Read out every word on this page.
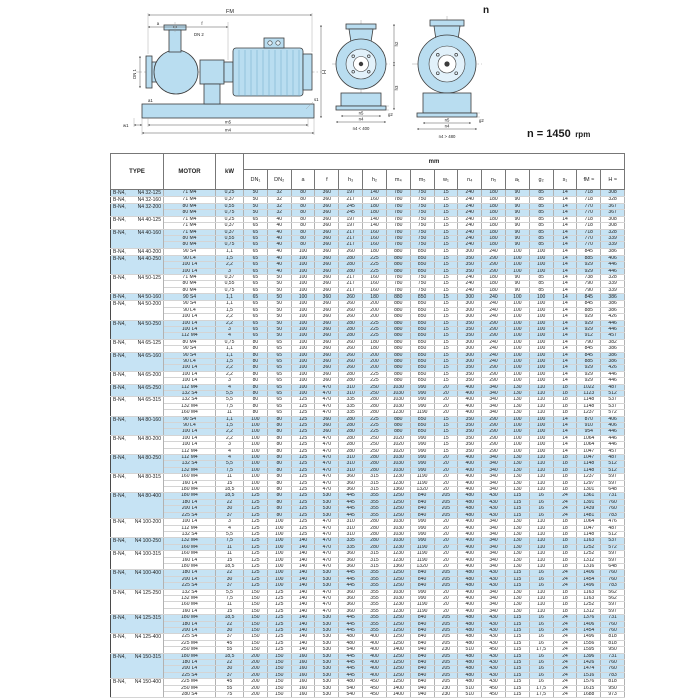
FM
a	f
DN 2
DN 1	H
a1	s1
w1
m5
m4
h2
h3
g2
n5
n4
n4 < 400
g2
n5
n4
n4 > 480
n
n = 1450 rpm
TYPE	MOTOR	kW	mm															
			DN₁	DN₂	a	f	h₃	h₂	m₄	m₅	w₁	n₄	n₅	a₁	g₂	s₁	fM ≈	H ≈

B-N4, N4 32-125	71 M4	0,25	50	32	80	360	197	140	780	750	15	240	180	90	85	14	718	308

B-N4, N4 32-160	71 M4	0,37	50	32	80	360	217	160	780	750	15	240	180	90	85	14	718	328

B-N4, N4 32-200	80 M4	0,55	50	32	80	360	245	180	780	750	15	240	180	90	85	14	770	367
	80 M4	0,75	50	32	80	360	245	180	780	750	15	240	180	90	85	14	770	367

B-N4, N4 40-125	71 M4	0,25	65	40	80	360	197	140	780	750	15	240	180	90	85	14	718	308
	71 M4	0,37	65	40	80	360	197	140	780	750	15	240	180	90	85	14	718	308

B-N4, N4 40-160	71 M4	0,37	65	40	80	360	217	160	780	750	15	240	180	90	85	14	718	328
	80 M4	0,55	65	40	80	360	217	160	780	750	15	240	180	90	85	14	770	339
	80 M4	0,75	65	40	80	360	217	160	780	750	15	240	180	90	85	14	770	339

B-N4, N4 40-200	90 S4	1,1	65	40	100	360	260	180	880	850	15	300	240	100	100	14	845	386

B-N4, N4 40-250	90 L4	1,5	65	40	100	360	280	225	880	850	15	350	290	100	100	14	885	406
	100 L4	2,2	65	40	100	360	280	225	880	850	15	350	290	100	100	14	929	446
	100 L4	3	65	40	100	360	280	225	880	850	15	350	290	100	100	14	929	446

B-N4, N4 50-125	71 M4	0,37	65	50	100	360	217	160	780	750	15	240	180	90	85	14	738	328
	80 M4	0,55	65	50	100	360	217	160	780	750	15	240	180	90	85	14	790	339
	80 M4	0,75	65	50	100	360	217	160	780	750	15	240	180	90	85	14	790	339

B-N4, N4 50-160	90 S4	1,1	65	50	100	360	260	180	880	850	15	300	240	100	100	14	845	386

B-N4, N4 50-200	90 S4	1,1	65	50	100	360	260	200	880	850	15	300	240	100	100	14	845	386
	90 L4	1,5	65	50	100	360	260	200	880	850	15	300	240	100	100	14	885	386
	100 L4	2,2	65	50	100	360	260	200	880	850	15	300	240	100	100	14	929	426

B-N4, N4 50-250	100 L4	2,2	65	50	100	360	280	225	880	850	15	350	290	100	100	14	929	446
	100 L4	3	65	50	100	360	280	225	880	850	15	350	290	100	100	14	929	446
	112 M4	4	65	50	100	360	280	225	880	850	15	350	290	100	100	14	912	457

B-N4, N4 65-125	80 M4	0,75	80	65	100	360	260	180	880	850	15	300	240	100	100	14	790	382
	90 S4	1,1	80	65	100	360	260	180	880	850	15	300	240	100	100	14	845	386

B-N4, N4 65-160	90 S4	1,1	80	65	100	360	260	200	880	850	15	300	240	100	100	14	845	386
	90 L4	1,5	80	65	100	360	260	200	880	850	15	300	240	100	100	14	885	386
	100 L4	2,2	80	65	100	360	260	200	880	850	15	350	290	100	100	14	929	426

B-N4, N4 65-200	100 L4	2,2	80	65	100	360	280	225	880	850	15	350	290	100	100	14	929	446
	100 L4	3	80	65	100	360	280	225	880	850	15	350	290	100	100	14	929	446

B-N4, N4 65-250	112 M4	4	80	65	100	470	310	250	1030	990	20	400	340	130	110	18	1022	487
	132 S4	5,5	80	65	100	470	310	250	1030	990	20	400	340	130	110	18	1123	512

B-N4, N4 65-315	132 S4	5,5	80	65	125	470	335	280	1030	990	20	400	340	130	110	18	1148	537
	132 M4	7,5	80	65	125	470	335	280	1030	990	20	400	340	130	110	18	1148	537
	160 M4	11	80	65	125	470	335	280	1230	1190	20	400	340	130	110	18	1237	572

B-N4, N4 80-160	90 S4	1,1	100	80	125	360	280	225	880	850	15	350	290	100	100	14	870	406
	90 L4	1,5	100	80	125	360	280	225	880	850	15	350	290	100	100	14	910	406
	100 L4	2,2	100	80	125	360	280	225	880	850	15	350	290	100	100	14	954	446

B-N4, N4 80-200	100 L4	2,2	100	80	125	470	280	250	1020	990	15	350	290	100	100	14	1064	446
	100 L4	3	100	80	125	470	280	250	1020	990	15	350	290	100	100	14	1064	446
	112 M4	4	100	80	125	470	280	250	1020	990	15	350	290	100	100	14	1047	457

B-N4, N4 80-250	112 M4	4	100	80	125	470	310	280	1030	990	20	400	340	130	110	18	1047	487
	132 S4	5,5	100	80	125	470	310	280	1030	990	20	400	340	130	110	18	1148	512
	132 M4	7,5	100	80	125	470	310	280	1030	990	20	400	340	130	110	18	1148	512

B-N4, N4 80-315	160 M4	11	100	80	125	470	360	315	1230	1190	20	400	340	130	110	18	1237	597
	160 L4	15	100	80	125	470	360	315	1230	1190	20	400	340	130	110	18	1297	597
	180 M4	18,5	100	80	125	470	360	315	1360	1320	20	400	340	130	110	18	1301	648

B-N4, N4 80-400	180 M4	18,5	125	80	125	530	445	355	1250	840	205	480	430	115	16	24	1361	731
	180 L4	22	125	80	125	530	445	355	1250	840	205	480	430	115	16	24	1391	760
	200 L4	30	125	80	125	530	445	355	1250	840	205	480	430	115	16	24	1439	760
	225 S4	37	125	80	125	530	445	355	1250	840	205	480	430	115	16	24	1481	783

B-N4, N4 100-200	100 L4	3	125	100	125	470	310	280	1030	990	20	400	340	130	110	18	1064	476
	112 M4	4	125	100	125	470	310	280	1030	990	20	400	340	130	110	18	1047	487
	132 S4	5,5	125	100	125	470	310	280	1030	990	20	400	340	130	110	18	1148	512

B-N4, N4 100-250	132 M4	7,5	125	100	140	470	335	280	1030	990	20	400	340	130	110	18	1163	537
	160 M4	11	125	100	140	470	335	280	1230	1190	20	400	340	130	110	18	1252	572

B-N4, N4 100-315	160 M4	11	125	100	140	470	360	315	1230	1190	20	400	340	130	110	18	1252	597
	160 L4	15	125	100	140	470	360	315	1230	1190	20	400	340	130	110	18	1312	597
	180 M4	18,5	125	100	140	470	360	315	1360	1320	20	400	340	130	110	18	1316	648

B-N4, N4 100-400	180 L4	22	125	100	140	530	445	355	1250	840	205	480	430	115	16	24	1406	760
	200 L4	30	125	100	140	530	445	355	1250	840	205	480	430	115	16	24	1454	760
	225 S4	37	125	100	140	530	445	355	1250	840	205	480	430	115	16	24	1496	783

B-N4, N4 125-250	132 S4	5,5	150	125	140	470	360	355	1030	990	20	400	340	130	110	18	1163	562
	132 M4	7,5	150	125	140	470	360	355	1030	990	20	400	340	130	110	18	1163	562
	160 M4	11	150	125	140	470	360	355	1230	1190	20	400	340	130	110	18	1252	597
	160 L4	15	150	125	140	470	360	355	1230	1190	20	400	340	130	110	18	1312	597

B-N4, N4 125-315	180 M4	18,5	150	125	140	530	445	355	1250	840	205	480	430	115	16	24	1376	731
	180 L4	22	150	125	140	530	445	355	1250	840	205	480	430	115	16	24	1406	760
	200 L4	30	150	125	140	530	445	355	1250	840	205	480	430	115	16	24	1454	760

B-N4, N4 125-400	225 S4	37	150	125	140	530	480	400	1250	840	205	480	430	115	16	24	1496	818
	225 M4	45	150	125	140	530	480	400	1250	840	205	480	430	115	16	24	1556	818
	250 M4	55	150	125	140	530	540	400	1400	940	230	510	450	115	17,5	24	1595	950

B-N4, N4 150-315	180 M4	18,5	200	150	160	530	445	400	1250	840	205	480	430	115	16	24	1396	731
	180 L4	22	200	150	160	530	445	400	1250	840	205	480	430	115	16	24	1426	760
	200 L4	30	200	150	160	530	445	400	1250	840	205	480	430	115	16	24	1474	760
	225 S4	37	200	150	160	530	445	400	1250	840	205	480	430	115	16	24	1516	783

B-N4, N4 150-400	225 M4	45	200	150	160	530	480	450	1250	840	205	480	430	115	16	24	1576	818
	250 M4	55	200	150	160	530	540	450	1400	940	230	510	450	115	17,5	24	1615	950
	280 S4	75	200	150	160	530	540	450	1400	940	230	510	450	115	17,5	24	1688	973
